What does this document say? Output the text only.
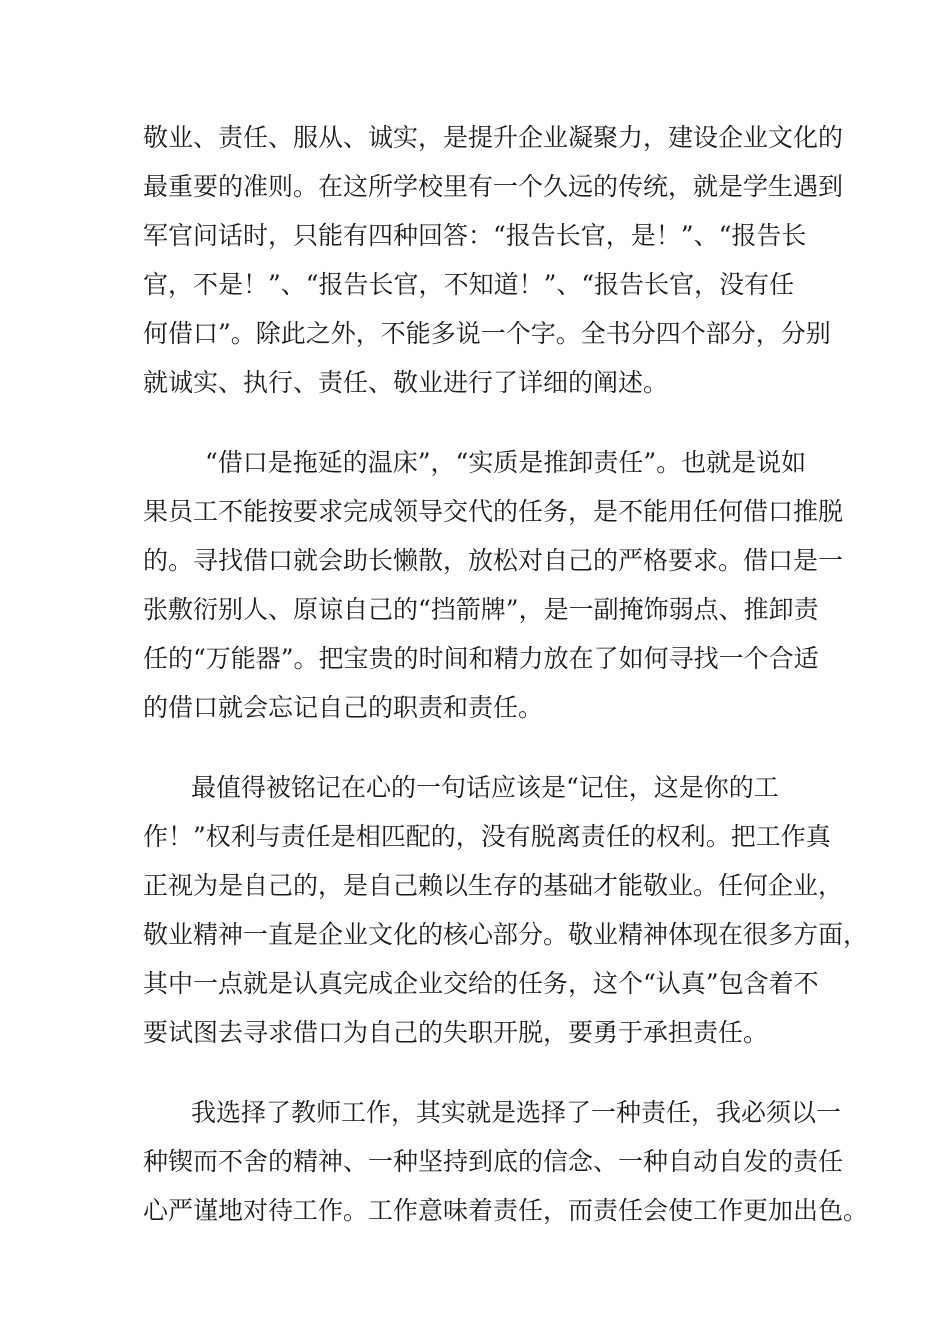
敬业、责任、服从、诚实，是提升企业凝聚力，建设企业文化的
最重要的准则。在这所学校里有一个久远的传统，就是学生遇到
军官问话时，只能有四种回答：“报告长官，是！”、“报告长
官，不是！”、“报告长官，不知道！”、“报告长官，没有任
何借口”。除此之外，不能多说一个字。全书分四个部分，分别
就诚实、执行、责任、敬业进行了详细的阐述。

“借口是拖延的温床”，“实质是推卸责任”。也就是说如
果员工不能按要求完成领导交代的任务，是不能用任何借口推脱
的。寻找借口就会助长懒散，放松对自己的严格要求。借口是一
张敷衍别人、原谅自己的“挡箭牌”，是一副掩饰弱点、推卸责
任的“万能器”。把宝贵的时间和精力放在了如何寻找一个合适
的借口就会忘记自己的职责和责任。

最值得被铭记在心的一句话应该是“记住，这是你的工
作！”权利与责任是相匹配的，没有脱离责任的权利。把工作真
正视为是自己的，是自己赖以生存的基础才能敬业。任何企业，
敬业精神一直是企业文化的核心部分。敬业精神体现在很多方面，
其中一点就是认真完成企业交给的任务，这个“认真”包含着不
要试图去寻求借口为自己的失职开脱，要勇于承担责任。

我选择了教师工作，其实就是选择了一种责任，我必须以一
种锲而不舍的精神、一种坚持到底的信念、一种自动自发的责任
心严谨地对待工作。工作意味着责任，而责任会使工作更加出色。
